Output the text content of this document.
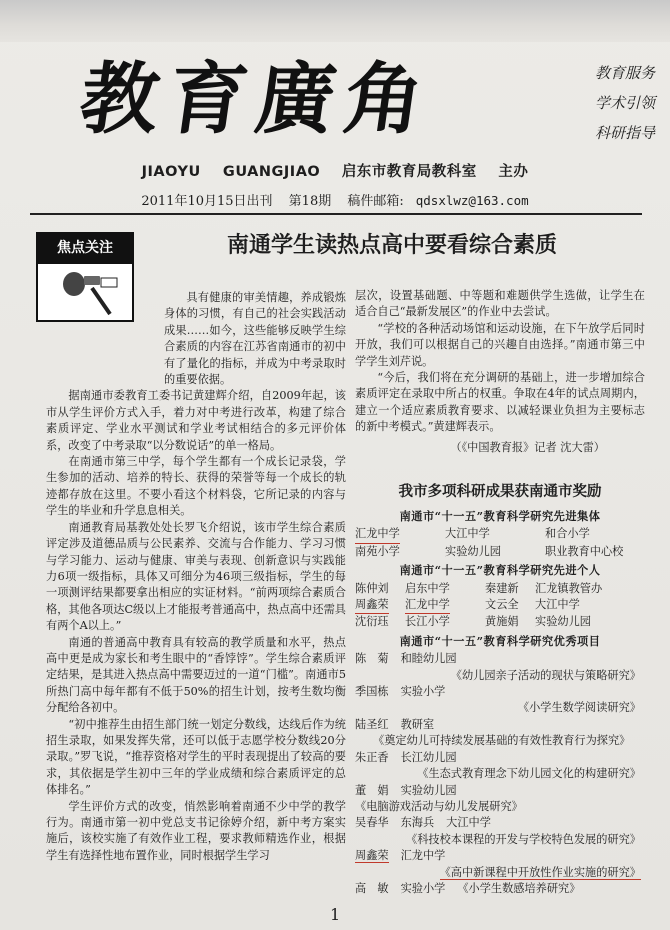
教育廣角	教育服务
学术引领
科研指导
JIAOYU    GUANGJIAO 启东市教育局教科室 主办
2011年10月15日出刊 第18期 稿件邮箱: qdsxlwz@163.com
焦点关注	南通学生读热点高中要看综合素质

具有健康的审美情趣，养成锻炼身体的习惯，有自己的社会实践活动成果……如今，这些能够反映学生综合素质的内容在江苏省南通市的初中有了量化的指标，并成为中考录取时的重要依据。

据南通市委教育工委书记黄建辉介绍，自2009年起，该市从学生评价方式入手，着力对中考进行改革，构建了综合素质评定、学业水平测试和学业考试相结合的多元评价体系，改变了中考录取“以分数说话”的单一格局。

在南通市第三中学，每个学生都有一个成长记录袋，学生参加的活动、培养的特长、获得的荣誉等每一个成长的轨迹都存放在这里。不要小看这个材料袋，它所记录的内容与学生的毕业和升学息息相关。

南通教育局基教处处长罗飞介绍说，该市学生综合素质评定涉及道德品质与公民素养、交流与合作能力、学习习惯与学习能力、运动与健康、审美与表现、创新意识与实践能力6项一级指标，具体又可细分为46项三级指标，学生的每一项测评结果都要拿出相应的实证材料。“前两项综合素质合格，其他各项达C级以上才能报考普通高中，热点高中还需具有两个A以上。”

南通的普通高中教育具有较高的教学质量和水平，热点高中更是成为家长和考生眼中的“香饽饽”。学生综合素质评定结果，是其进入热点高中需要迈过的一道“门槛”。南通市5所热门高中每年都有不低于50%的招生计划，按考生数均衡分配给各初中。

“初中推荐生由招生部门统一划定分数线，达线后作为统招生录取，如果发挥失常，还可以低于志愿学校分数线20分录取。”罗飞说，“推荐资格对学生的平时表现提出了较高的要求，其依据是学生初中三年的学业成绩和综合素质评定的总体排名。”

学生评价方式的改变，悄然影响着南通不少中学的教学行为。南通市第一初中党总支书记徐婷介绍，新中考方案实施后，该校实施了有效作业工程，要求教师精选作业，根据学生有选择性地布置作业，同时根据学生学习

层次，设置基础题、中等题和难题供学生选做，让学生在适合自己“最新发展区”的作业中去尝试。

“学校的各种活动场馆和运动设施，在下午放学后同时开放，我们可以根据自己的兴趣自由选择。”南通市第三中学学生刘芹说。

“今后，我们将在充分调研的基础上，进一步增加综合素质评定在录取中所占的权重。争取在4年的试点周期内，建立一个适应素质教育要求、以减轻课业负担为主要标志的新中考模式。”黄建辉表示。

（《中国教育报》记者 沈大雷）
我市多项科研成果获南通市奖励
南通市“十一五”教育科学研究先进集体
汇龙中学	大江中学	和合小学
南苑小学	实验幼儿园	职业教育中心校
南通市“十一五”教育科学研究先进个人
陈仲刘	启东中学	秦建新	汇龙镇教管办
周鑫荣	汇龙中学	文云全	大江中学
沈衍珏	长江小学	黄施娟	实验幼儿园
南通市“十一五”教育科学研究优秀项目
陈　菊 和睦幼儿园
《幼儿园亲子活动的现状与策略研究》
季国栋 实验小学
《小学生数学阅读研究》
陆圣红 教研室
《奠定幼儿可持续发展基础的有效性教育行为探究》
朱正香 长江幼儿园
《生态式教育理念下幼儿园文化的构建研究》
董　娟 实验幼儿园《电脑游戏活动与幼儿发展研究》
吴春华 东海兵 大江中学
《科技校本课程的开发与学校特色发展的研究》
周鑫荣 汇龙中学
《高中新课程中开放性作业实施的研究》
高　敏 实验小学 《小学生数感培养研究》
1
